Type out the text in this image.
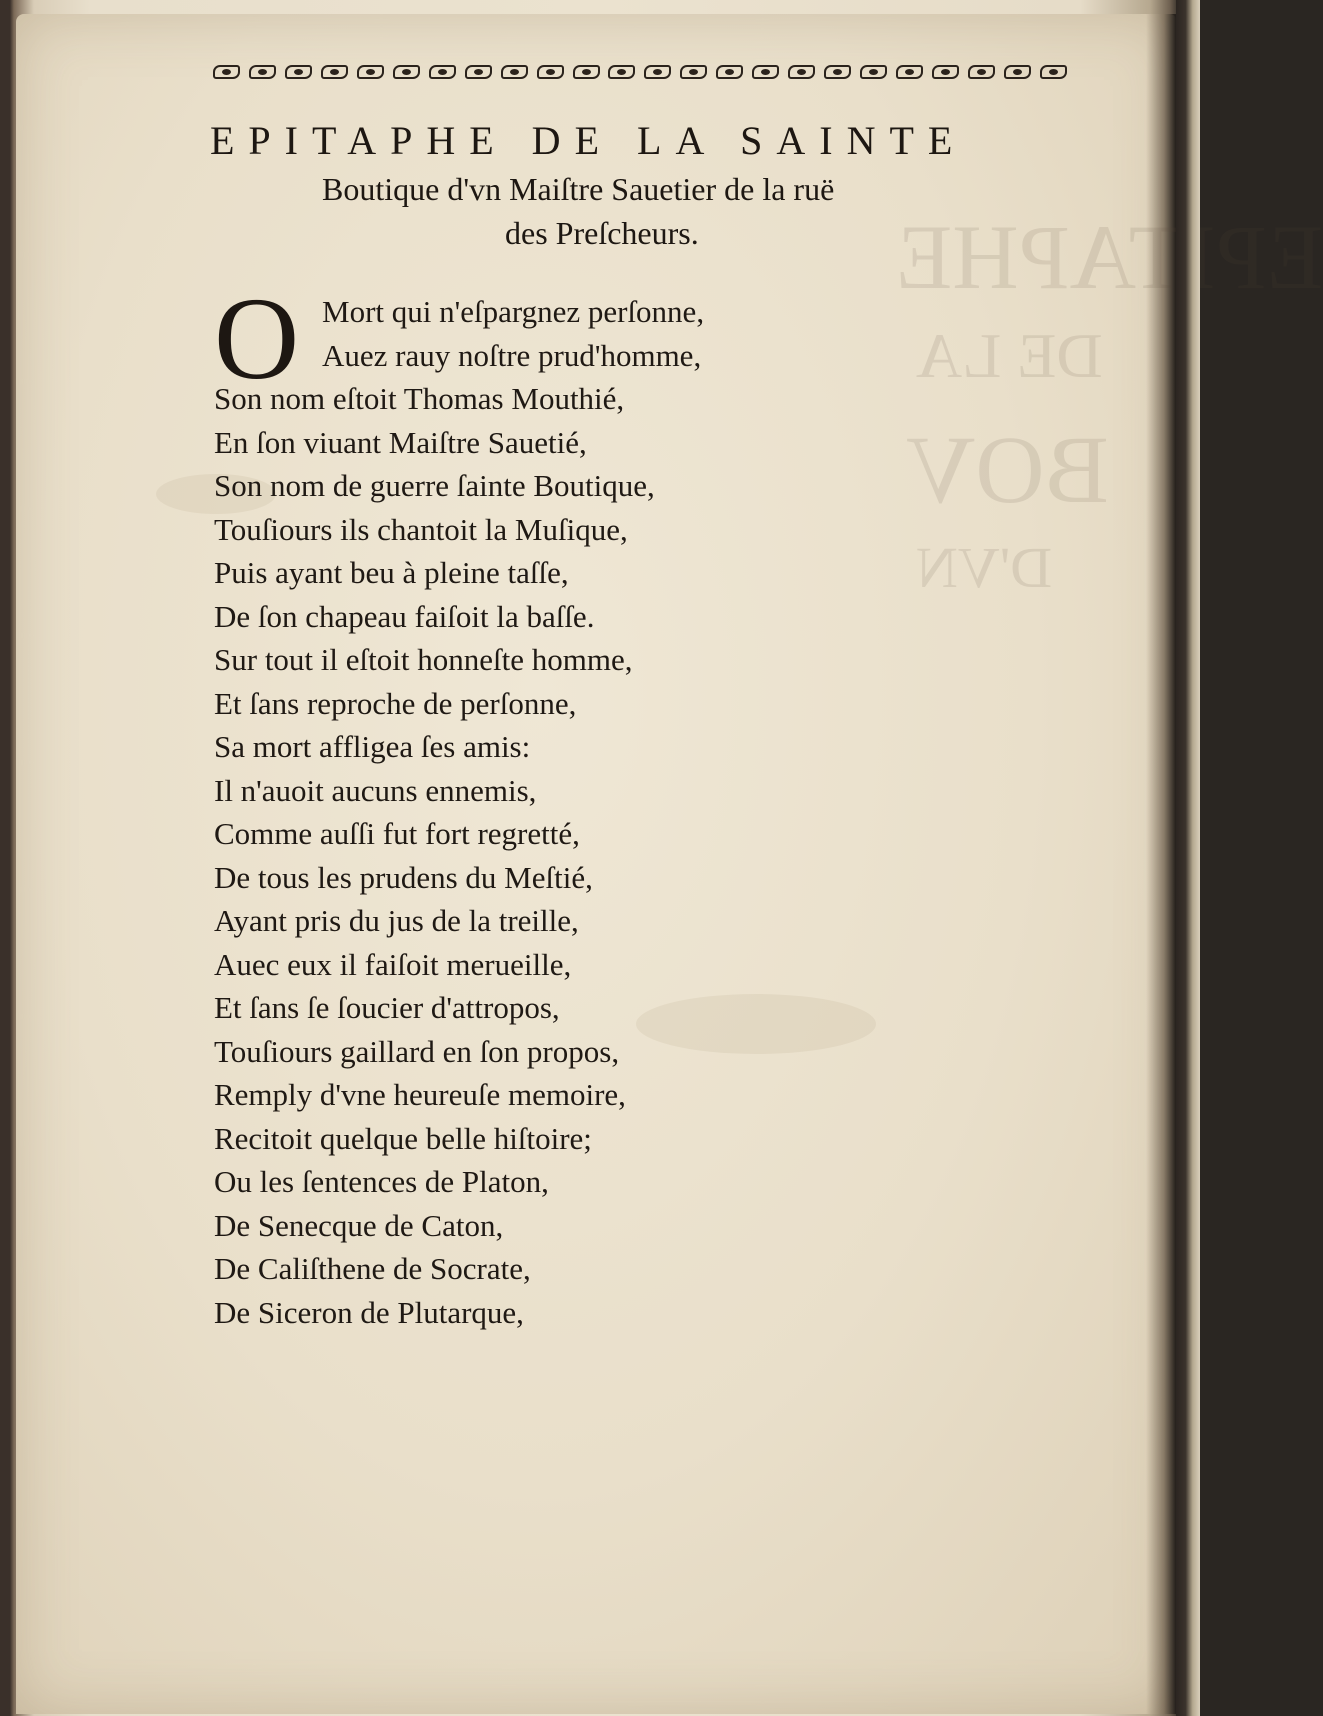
EPITAPHE
DE LA
BOV
D'VN
EPITAPHE DE LA SAINTE
Boutique d'vn Maiſtre Sauetier de la ruë
des Preſcheurs.
O Mort qui n'eſpargnez perſonne,
Auez rauy noſtre prud'homme,
Son nom eſtoit Thomas Mouthié,
En ſon viuant Maiſtre Sauetié,
Son nom de guerre ſainte Boutique,
Touſiours ils chantoit la Muſique,
Puis ayant beu à pleine taſſe,
De ſon chapeau faiſoit la baſſe.
Sur tout il eſtoit honneſte homme,
Et ſans reproche de perſonne,
Sa mort affligea ſes amis:
Il n'auoit aucuns ennemis,
Comme auſſi fut fort regretté,
De tous les prudens du Meſtié,
Ayant pris du jus de la treille,
Auec eux il faiſoit merueille,
Et ſans ſe ſoucier d'attropos,
Touſiours gaillard en ſon propos,
Remply d'vne heureuſe memoire,
Recitoit quelque belle hiſtoire;
Ou les ſentences de Platon,
De Senecque de Caton,
De Caliſthene de Socrate,
De Siceron de Plutarque,
